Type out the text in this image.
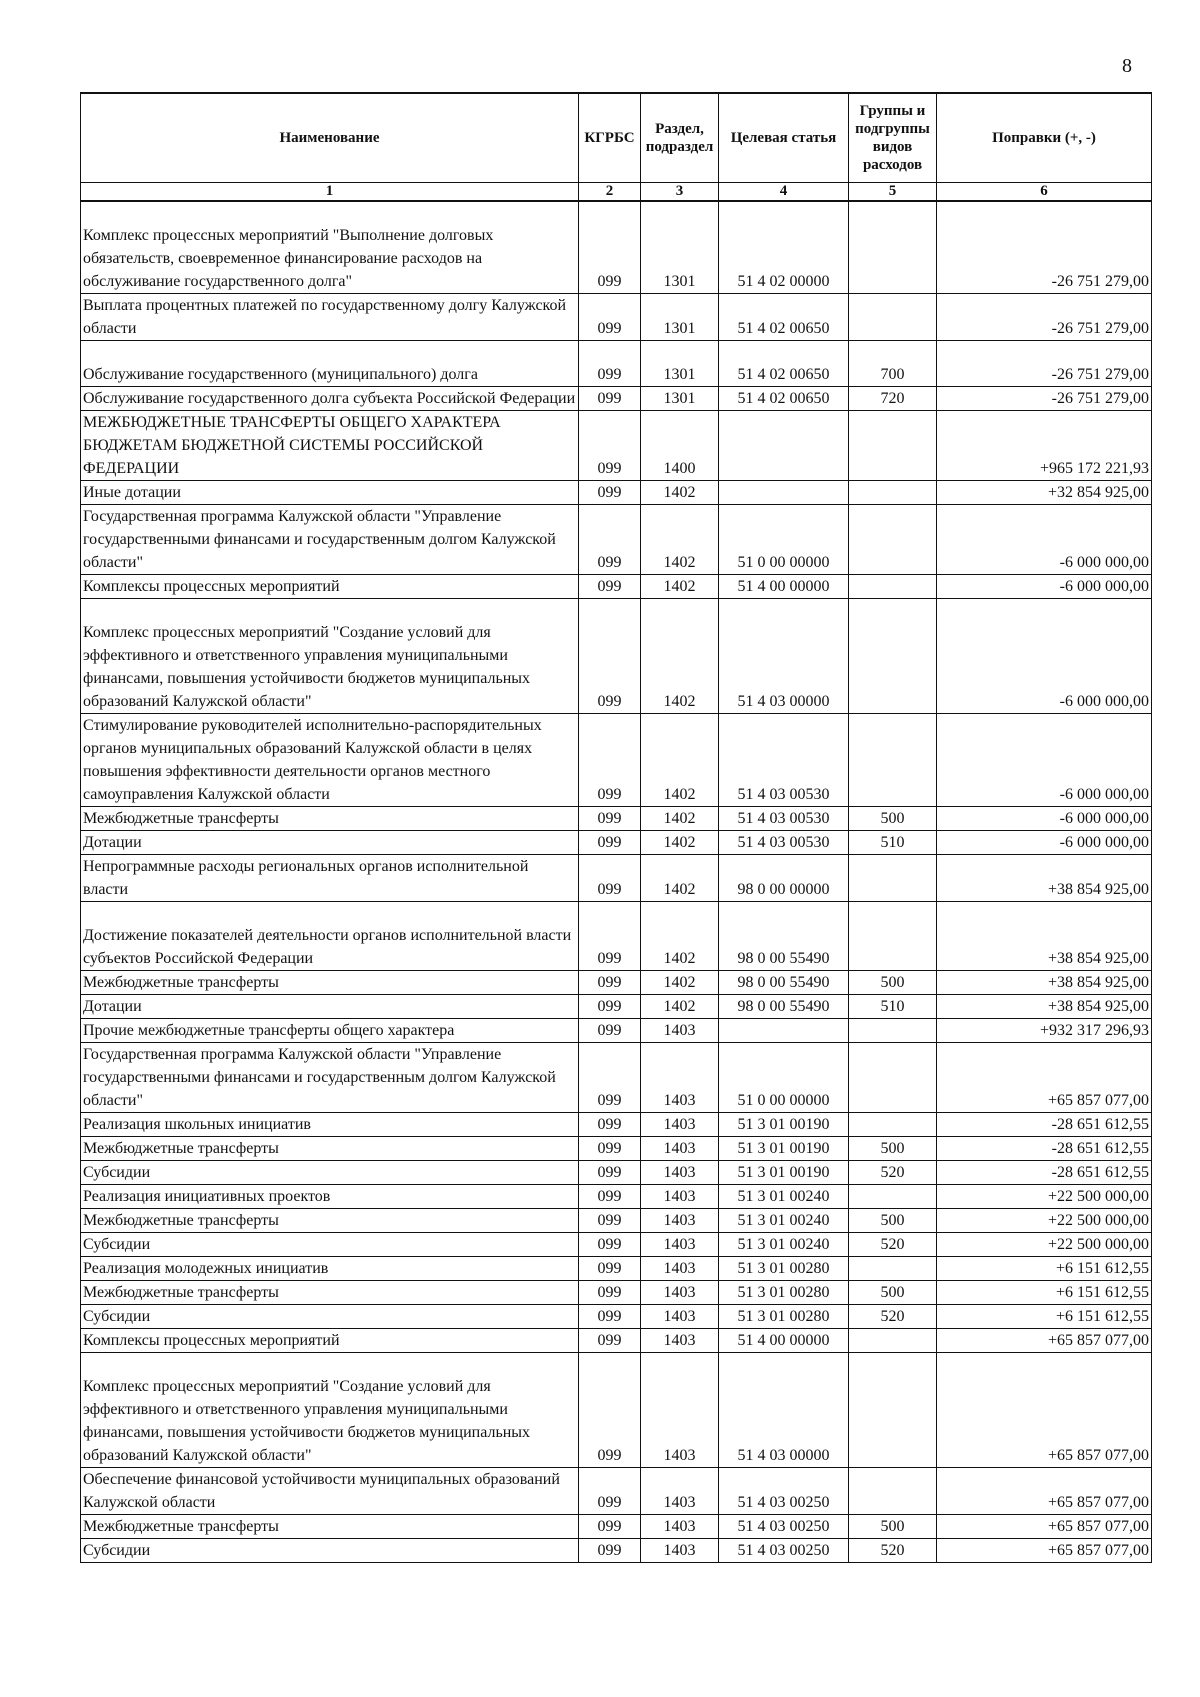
8
Наименование	КГРБС	Раздел, подраздел	Целевая статья	Группы и подгруппы видов расходов	Поправки (+, -)
1	2	3	4	5	6
Комплекс процессных мероприятий "Выполнение долговых обязательств, своевременное финансирование расходов на обслуживание государственного долга"	099	1301	51 4 02 00000		-26 751 279,00
Выплата процентных платежей по государственному долгу Калужской области	099	1301	51 4 02 00650		-26 751 279,00
Обслуживание государственного (муниципального) долга	099	1301	51 4 02 00650	700	-26 751 279,00
Обслуживание государственного долга субъекта Российской Федерации	099	1301	51 4 02 00650	720	-26 751 279,00
МЕЖБЮДЖЕТНЫЕ ТРАНСФЕРТЫ ОБЩЕГО ХАРАКТЕРА БЮДЖЕТАМ БЮДЖЕТНОЙ СИСТЕМЫ РОССИЙСКОЙ ФЕДЕРАЦИИ	099	1400			+965 172 221,93
Иные дотации	099	1402			+32 854 925,00
Государственная программа Калужской области "Управление государственными финансами и государственным долгом Калужской области"	099	1402	51 0 00 00000		-6 000 000,00
Комплексы процессных мероприятий	099	1402	51 4 00 00000		-6 000 000,00
Комплекс процессных мероприятий "Создание условий для эффективного и ответственного управления муниципальными финансами, повышения устойчивости бюджетов муниципальных образований Калужской области"	099	1402	51 4 03 00000		-6 000 000,00
Стимулирование руководителей исполнительно-распорядительных органов муниципальных образований Калужской области в целях повышения эффективности деятельности органов местного самоуправления Калужской области	099	1402	51 4 03 00530		-6 000 000,00
Межбюджетные трансферты	099	1402	51 4 03 00530	500	-6 000 000,00
Дотации	099	1402	51 4 03 00530	510	-6 000 000,00
Непрограммные расходы региональных органов исполнительной власти	099	1402	98 0 00 00000		+38 854 925,00
Достижение показателей деятельности органов исполнительной власти субъектов Российской Федерации	099	1402	98 0 00 55490		+38 854 925,00
Межбюджетные трансферты	099	1402	98 0 00 55490	500	+38 854 925,00
Дотации	099	1402	98 0 00 55490	510	+38 854 925,00
Прочие межбюджетные трансферты общего характера	099	1403			+932 317 296,93
Государственная программа Калужской области "Управление государственными финансами и государственным долгом Калужской области"	099	1403	51 0 00 00000		+65 857 077,00
Реализация школьных инициатив	099	1403	51 3 01 00190		-28 651 612,55
Межбюджетные трансферты	099	1403	51 3 01 00190	500	-28 651 612,55
Субсидии	099	1403	51 3 01 00190	520	-28 651 612,55
Реализация инициативных проектов	099	1403	51 3 01 00240		+22 500 000,00
Межбюджетные трансферты	099	1403	51 3 01 00240	500	+22 500 000,00
Субсидии	099	1403	51 3 01 00240	520	+22 500 000,00
Реализация молодежных инициатив	099	1403	51 3 01 00280		+6 151 612,55
Межбюджетные трансферты	099	1403	51 3 01 00280	500	+6 151 612,55
Субсидии	099	1403	51 3 01 00280	520	+6 151 612,55
Комплексы процессных мероприятий	099	1403	51 4 00 00000		+65 857 077,00
Комплекс процессных мероприятий "Создание условий для эффективного и ответственного управления муниципальными финансами, повышения устойчивости бюджетов муниципальных образований Калужской области"	099	1403	51 4 03 00000		+65 857 077,00
Обеспечение финансовой устойчивости муниципальных образований Калужской области	099	1403	51 4 03 00250		+65 857 077,00
Межбюджетные трансферты	099	1403	51 4 03 00250	500	+65 857 077,00
Субсидии	099	1403	51 4 03 00250	520	+65 857 077,00
